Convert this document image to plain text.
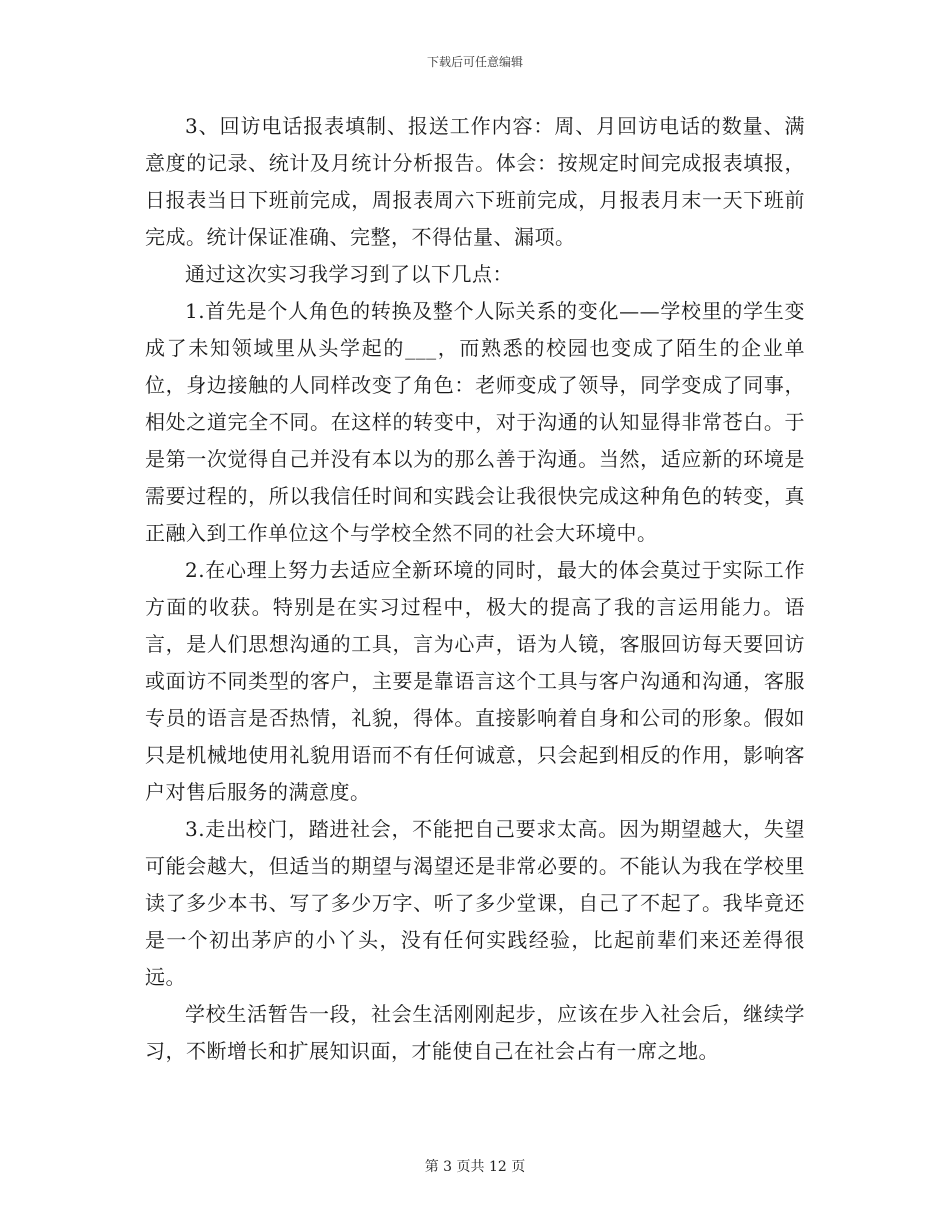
下载后可任意编辑

3、回访电话报表填制、报送工作内容：周、月回访电话的数量、满意度的记录、统计及月统计分析报告。体会：按规定时间完成报表填报，日报表当日下班前完成，周报表周六下班前完成，月报表月末一天下班前完成。统计保证准确、完整，不得估量、漏项。

通过这次实习我学习到了以下几点：

1.首先是个人角色的转换及整个人际关系的变化——学校里的学生变成了未知领域里从头学起的___，而熟悉的校园也变成了陌生的企业单位，身边接触的人同样改变了角色：老师变成了领导，同学变成了同事，相处之道完全不同。在这样的转变中，对于沟通的认知显得非常苍白。于是第一次觉得自己并没有本以为的那么善于沟通。当然，适应新的环境是需要过程的，所以我信任时间和实践会让我很快完成这种角色的转变，真正融入到工作单位这个与学校全然不同的社会大环境中。

2.在心理上努力去适应全新环境的同时，最大的体会莫过于实际工作方面的收获。特别是在实习过程中，极大的提高了我的言运用能力。语言，是人们思想沟通的工具，言为心声，语为人镜，客服回访每天要回访或面访不同类型的客户，主要是靠语言这个工具与客户沟通和沟通，客服专员的语言是否热情，礼貌，得体。直接影响着自身和公司的形象。假如只是机械地使用礼貌用语而不有任何诚意，只会起到相反的作用，影响客户对售后服务的满意度。

3.走出校门，踏进社会，不能把自己要求太高。因为期望越大，失望可能会越大，但适当的期望与渴望还是非常必要的。不能认为我在学校里读了多少本书、写了多少万字、听了多少堂课，自己了不起了。我毕竟还是一个初出茅庐的小丫头，没有任何实践经验，比起前辈们来还差得很远。

学校生活暂告一段，社会生活刚刚起步，应该在步入社会后，继续学习，不断增长和扩展知识面，才能使自己在社会占有一席之地。

第 3 页共 12 页
